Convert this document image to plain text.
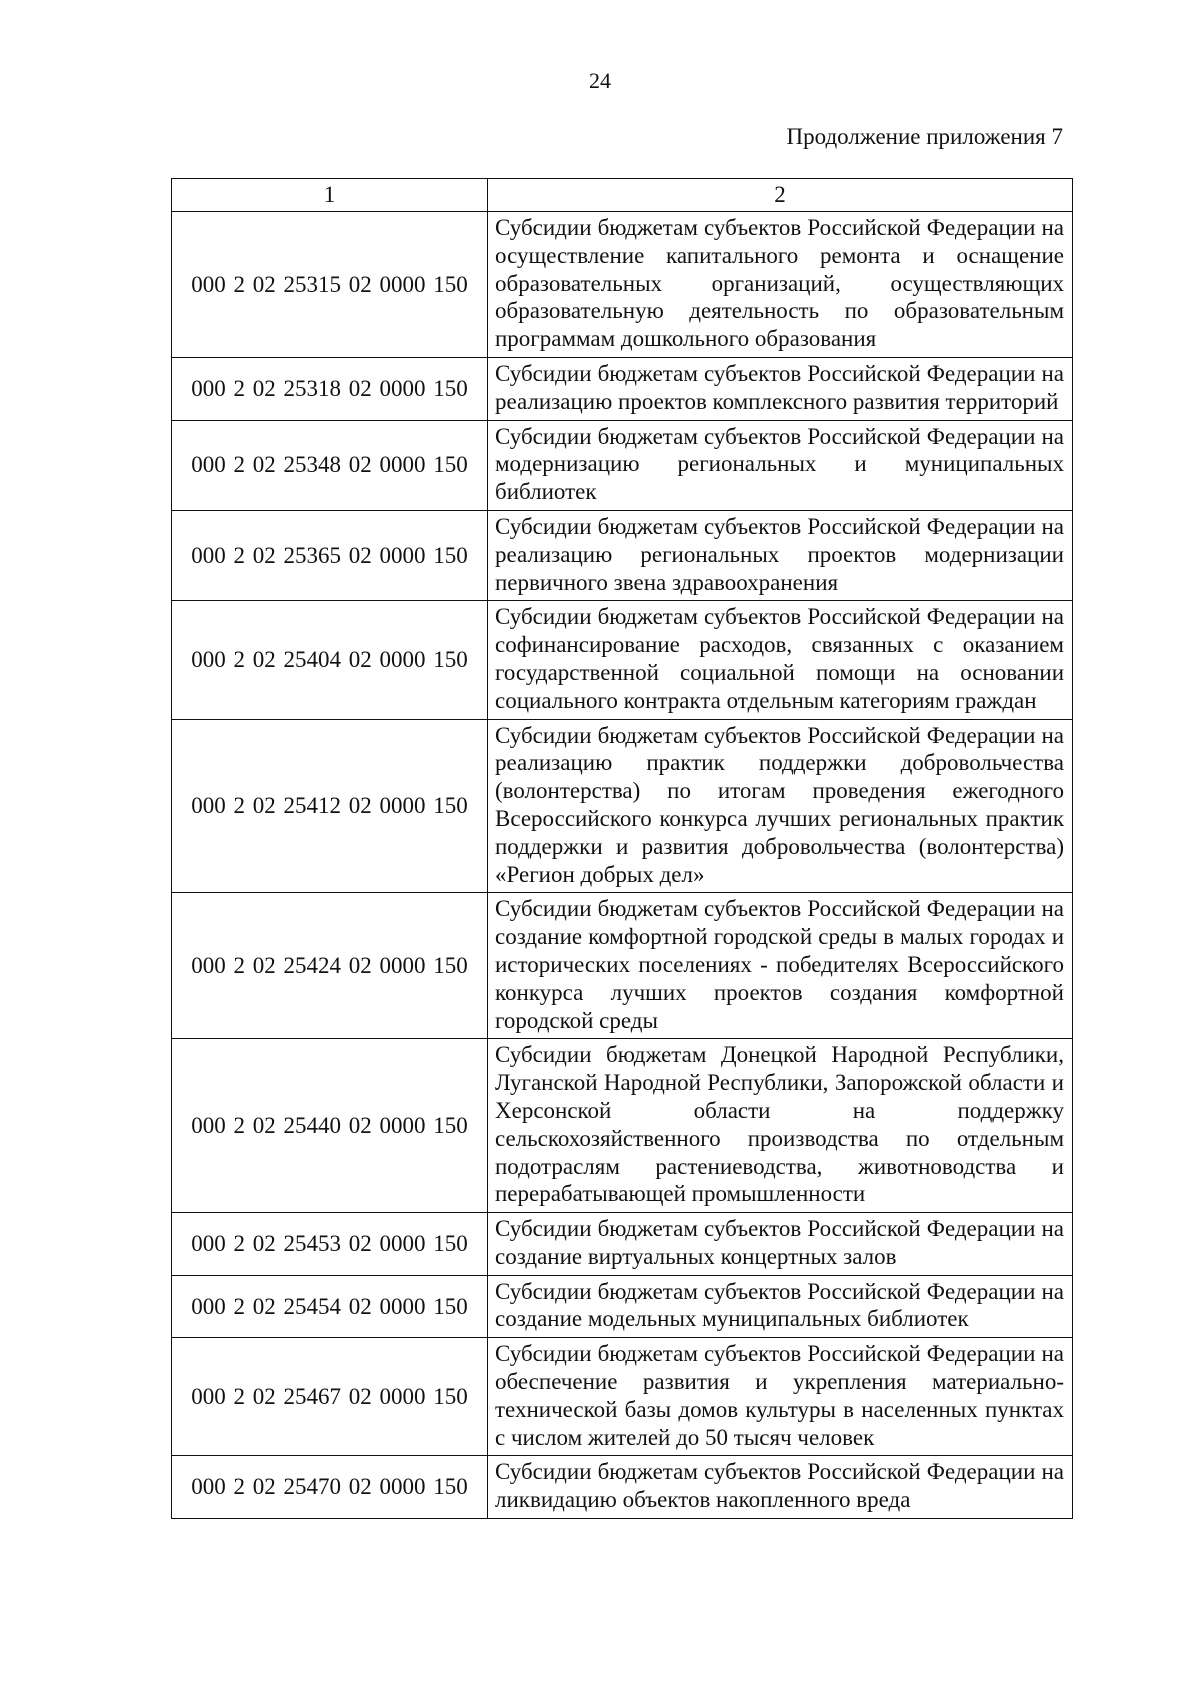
24
Продолжение приложения 7
1	2
000 2 02 25315 02 0000 150	Субсидии бюджетам субъектов Российской Федерации на осуществление капитального ремонта и оснащение образовательных организаций, осуществляющих образовательную деятельность по образовательным программам дошкольного образования
000 2 02 25318 02 0000 150	Субсидии бюджетам субъектов Российской Федерации на реализацию проектов комплексного развития территорий
000 2 02 25348 02 0000 150	Субсидии бюджетам субъектов Российской Федерации на модернизацию региональных и муниципальных библиотек
000 2 02 25365 02 0000 150	Субсидии бюджетам субъектов Российской Федерации на реализацию региональных проектов модернизации первичного звена здравоохранения
000 2 02 25404 02 0000 150	Субсидии бюджетам субъектов Российской Федерации на софинансирование расходов, связанных с оказанием государственной социальной помощи на основании социального контракта отдельным категориям граждан
000 2 02 25412 02 0000 150	Субсидии бюджетам субъектов Российской Федерации на реализацию практик поддержки добровольчества (волонтерства) по итогам проведения ежегодного Всероссийского конкурса лучших региональных практик поддержки и развития добровольчества (волонтерства) «Регион добрых дел»
000 2 02 25424 02 0000 150	Субсидии бюджетам субъектов Российской Федерации на создание комфортной городской среды в малых городах и исторических поселениях - победителях Всероссийского конкурса лучших проектов создания комфортной городской среды
000 2 02 25440 02 0000 150	Субсидии бюджетам Донецкой Народной Республики, Луганской Народной Республики, Запорожской области и Херсонской области на поддержку сельскохозяйственного производства по отдельным подотраслям растениеводства, животноводства и перерабатывающей промышленности
000 2 02 25453 02 0000 150	Субсидии бюджетам субъектов Российской Федерации на создание виртуальных концертных залов
000 2 02 25454 02 0000 150	Субсидии бюджетам субъектов Российской Федерации на создание модельных муниципальных библиотек
000 2 02 25467 02 0000 150	Субсидии бюджетам субъектов Российской Федерации на обеспечение развития и укрепления материально-технической базы домов культуры в населенных пунктах с числом жителей до 50 тысяч человек
000 2 02 25470 02 0000 150	Субсидии бюджетам субъектов Российской Федерации на ликвидацию объектов накопленного вреда
